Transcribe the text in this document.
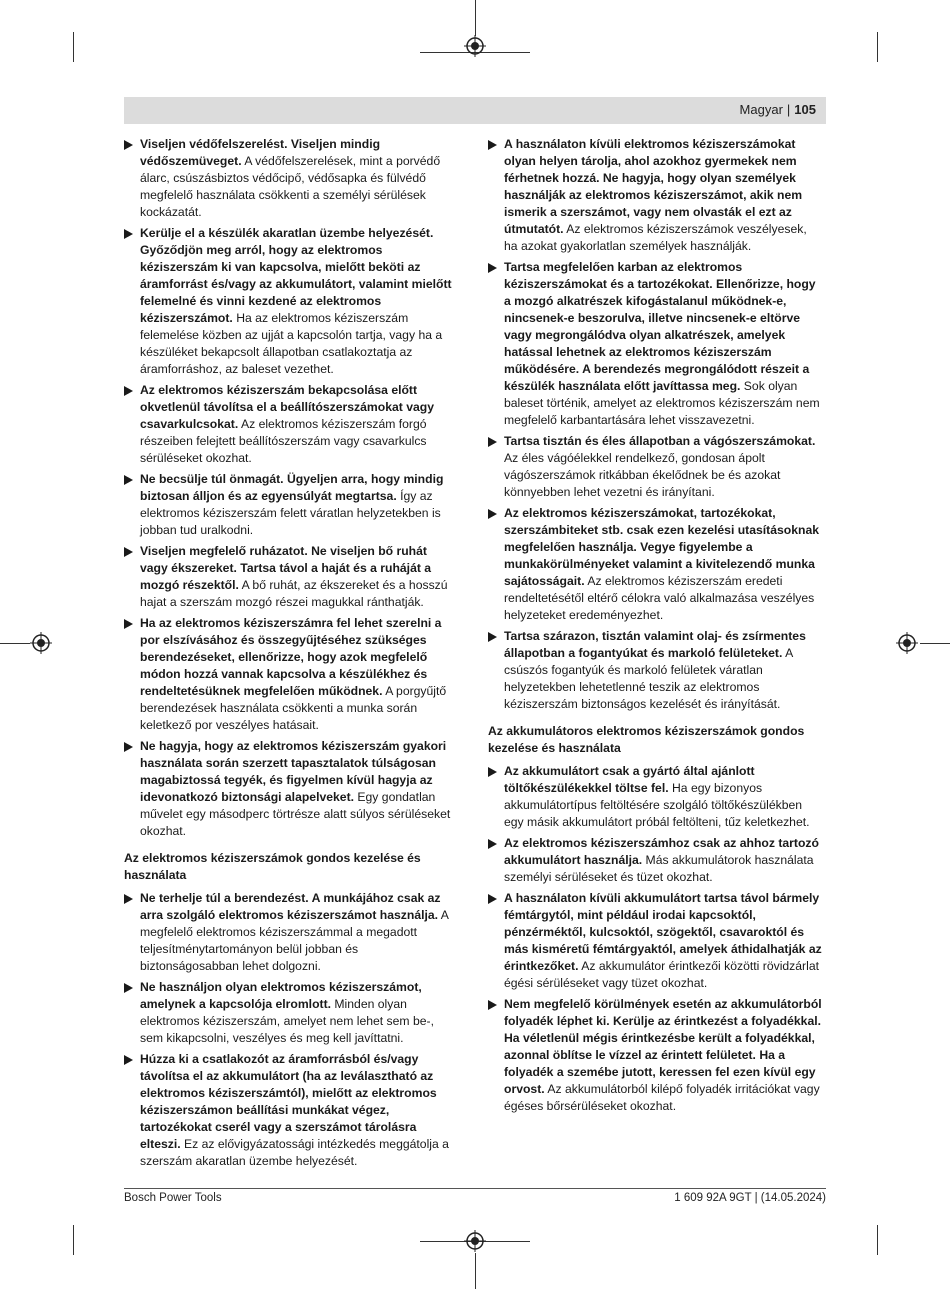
Magyar | 105
Viseljen védőfelszerelést. Viseljen mindig védőszemüveget. A védőfelszerelések, mint a porvédő álarc, csúszásbiztos védőcipő, védősapka és fülvédő megfelelő használata csökkenti a személyi sérülések kockázatát.
Kerülje el a készülék akaratlan üzembe helyezését. Győződjön meg arról, hogy az elektromos kéziszerszám ki van kapcsolva, mielőtt beköti az áramforrást és/vagy az akkumulátort, valamint mielőtt felemelné és vinni kezdené az elektromos kéziszerszámot. Ha az elektromos kéziszerszám felemelése közben az ujját a kapcsolón tartja, vagy ha a készüléket bekapcsolt állapotban csatlakoztatja az áramforráshoz, az baleset vezethet.
Az elektromos kéziszerszám bekapcsolása előtt okvetlenül távolítsa el a beállítószerszámokat vagy csavarkulcsokat. Az elektromos kéziszerszám forgó részeiben felejtett beállítószerszám vagy csavarkulcs sérüléseket okozhat.
Ne becsülje túl önmagát. Ügyeljen arra, hogy mindig biztosan álljon és az egyensúlyát megtartsa. Így az elektromos kéziszerszám felett váratlan helyzetekben is jobban tud uralkodni.
Viseljen megfelelő ruházatot. Ne viseljen bő ruhát vagy ékszereket. Tartsa távol a haját és a ruháját a mozgó részektől. A bő ruhát, az ékszereket és a hosszú hajat a szerszám mozgó részei magukkal ránthatják.
Ha az elektromos kéziszerszámra fel lehet szerelni a por elszívásához és összegyűjtéséhez szükséges berendezéseket, ellenőrizze, hogy azok megfelelő módon hozzá vannak kapcsolva a készülékhez és rendeltetésüknek megfelelően működnek. A porgyűjtő berendezések használata csökkenti a munka során keletkező por veszélyes hatásait.
Ne hagyja, hogy az elektromos kéziszerszám gyakori használata során szerzett tapasztalatok túlságosan magabiztossá tegyék, és figyelmen kívül hagyja az idevonatkozó biztonsági alapelveket. Egy gondatlan művelet egy másodperc törtrésze alatt súlyos sérüléseket okozhat.
Az elektromos kéziszerszámok gondos kezelése és használata
Ne terhelje túl a berendezést. A munkájához csak az arra szolgáló elektromos kéziszerszámot használja. A megfelelő elektromos kéziszerszámmal a megadott teljesítménytartományon belül jobban és biztonságosabban lehet dolgozni.
Ne használjon olyan elektromos kéziszerszámot, amelynek a kapcsolója elromlott. Minden olyan elektromos kéziszerszám, amelyet nem lehet sem be-, sem kikapcsolni, veszélyes és meg kell javíttatni.
Húzza ki a csatlakozót az áramforrásból és/vagy távolítsa el az akkumulátort (ha az leválasztható az elektromos kéziszerszámtól), mielőtt az elektromos kéziszerszámon beállítási munkákat végez, tartozékokat cserél vagy a szerszámot tárolásra elteszi. Ez az elővigyázatossági intézkedés meggátolja a szerszám akaratlan üzembe helyezését.
A használaton kívüli elektromos kéziszerszámokat olyan helyen tárolja, ahol azokhoz gyermekek nem férhetnek hozzá. Ne hagyja, hogy olyan személyek használják az elektromos kéziszerszámot, akik nem ismerik a szerszámot, vagy nem olvasták el ezt az útmutatót. Az elektromos kéziszerszámok veszélyesek, ha azokat gyakorlatlan személyek használják.
Tartsa megfelelően karban az elektromos kéziszerszámokat és a tartozékokat. Ellenőrizze, hogy a mozgó alkatrészek kifogástalanul működnek-e, nincsenek-e beszorulva, illetve nincsenek-e eltörve vagy megrongálódva olyan alkatrészek, amelyek hatással lehetnek az elektromos kéziszerszám működésére. A berendezés megrongálódott részeit a készülék használata előtt javíttassa meg. Sok olyan baleset történik, amelyet az elektromos kéziszerszám nem megfelelő karbantartására lehet visszavezetni.
Tartsa tisztán és éles állapotban a vágószerszámokat. Az éles vágóélekkel rendelkező, gondosan ápolt vágószerszámok ritkábban ékelődnek be és azokat könnyebben lehet vezetni és irányítani.
Az elektromos kéziszerszámokat, tartozékokat, szerszámbiteket stb. csak ezen kezelési utasításoknak megfelelően használja. Vegye figyelembe a munkakörülményeket valamint a kivitelezendő munka sajátosságait. Az elektromos kéziszerszám eredeti rendeltetésétől eltérő célokra való alkalmazása veszélyes helyzeteket eredeményezhet.
Tartsa szárazon, tisztán valamint olaj- és zsírmentes állapotban a fogantyúkat és markoló felületeket. A csúszós fogantyúk és markoló felületek váratlan helyzetekben lehetetlenné teszik az elektromos kéziszerszám biztonságos kezelését és irányítását.
Az akkumulátoros elektromos kéziszerszámok gondos kezelése és használata
Az akkumulátort csak a gyártó által ajánlott töltőkészülékekkel töltse fel. Ha egy bizonyos akkumulátortípus feltöltésére szolgáló töltőkészülékben egy másik akkumulátort próbál feltölteni, tűz keletkezhet.
Az elektromos kéziszerszámhoz csak az ahhoz tartozó akkumulátort használja. Más akkumulátorok használata személyi sérüléseket és tüzet okozhat.
A használaton kívüli akkumulátort tartsa távol bármely fémtárgytól, mint például irodai kapcsoktól, pénzérméktől, kulcsoktól, szögektől, csavaroktól és más kisméretű fémtárgyaktól, amelyek áthidalhatják az érintkezőket. Az akkumulátor érintkezői közötti rövidzárlat égési sérüléseket vagy tüzet okozhat.
Nem megfelelő körülmények esetén az akkumulátorból folyadék léphet ki. Kerülje az érintkezést a folyadékkal. Ha véletlenül mégis érintkezésbe került a folyadékkal, azonnal öblítse le vízzel az érintett felületet. Ha a folyadék a szemébe jutott, keressen fel ezen kívül egy orvost. Az akkumulátorból kilépő folyadék irritációkat vagy égéses bőrsérüléseket okozhat.
Bosch Power Tools	1 609 92A 9GT | (14.05.2024)
